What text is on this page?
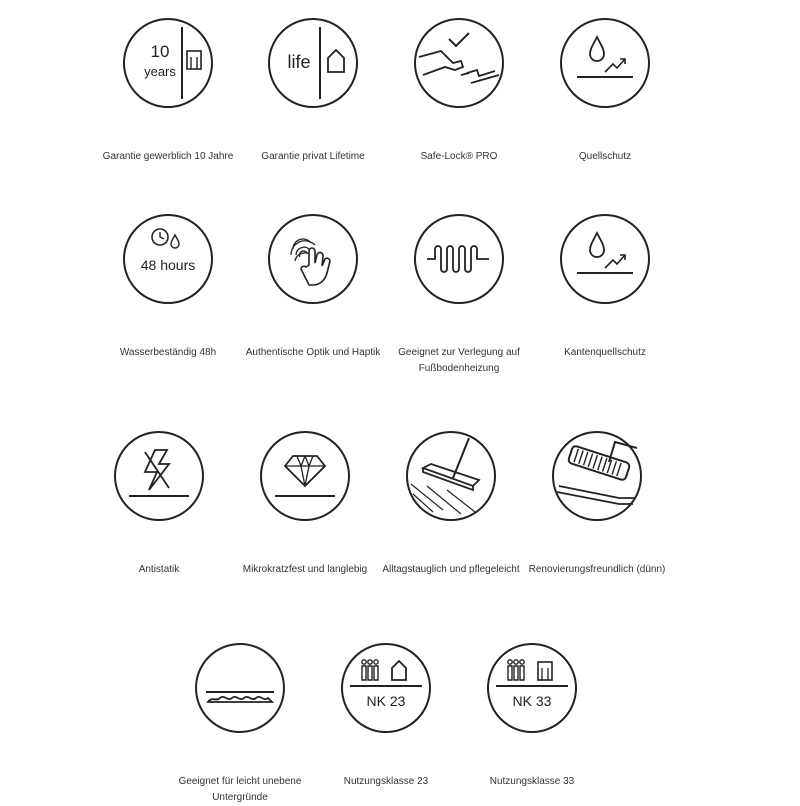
10
years
Garantie gewerblich 10 Jahre
life
Garantie privat Lifetime	Safe-Lock® PRO	Quellschutz
48 hours
Wasserbeständig 48h	Authentische Optik und Haptik	Geeignet zur Verlegung auf Fußbodenheizung
Kantenquellschutz
Antistatik	Mikrokratzfest und langlebig	Alltagstauglich und pflegeleicht Renovierungsfreundlich (dünn)
Geeignet für leicht unebene Untergründe
NK 23
Nutzungsklasse 23
NK 33
Nutzungsklasse 33
